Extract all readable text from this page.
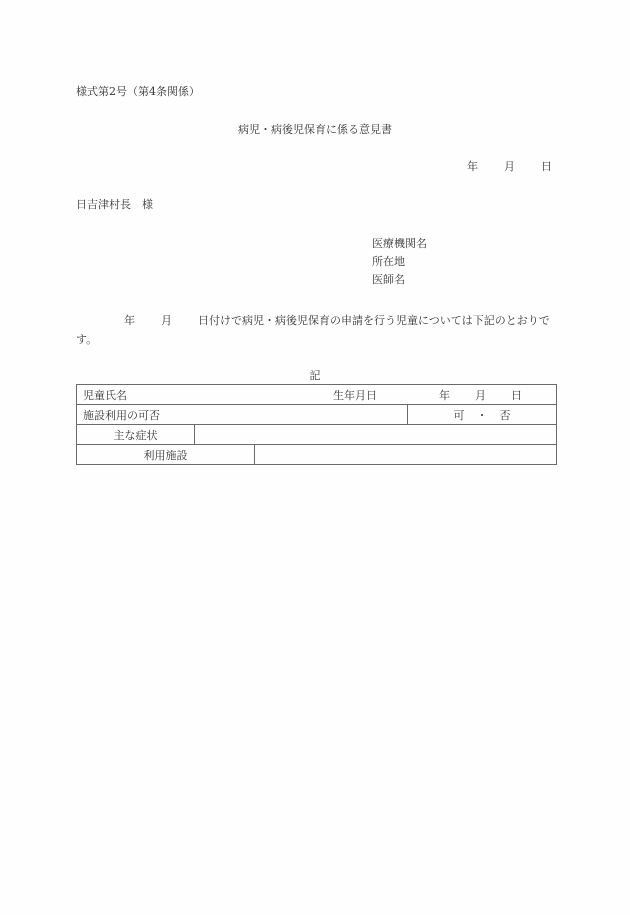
様式第2号（第4条関係）
病児・病後児保育に係る意見書
年 月 日
日吉津村長　様
医療機関名
所在地
医師名
年 月 日付けで病児・病後児保育の申請を行う児童については下記のとおりです。
記
児童氏名 生年月日 年 月 日			

施設利用の可否			可 ・ 否
主な症状			
利用施設			
